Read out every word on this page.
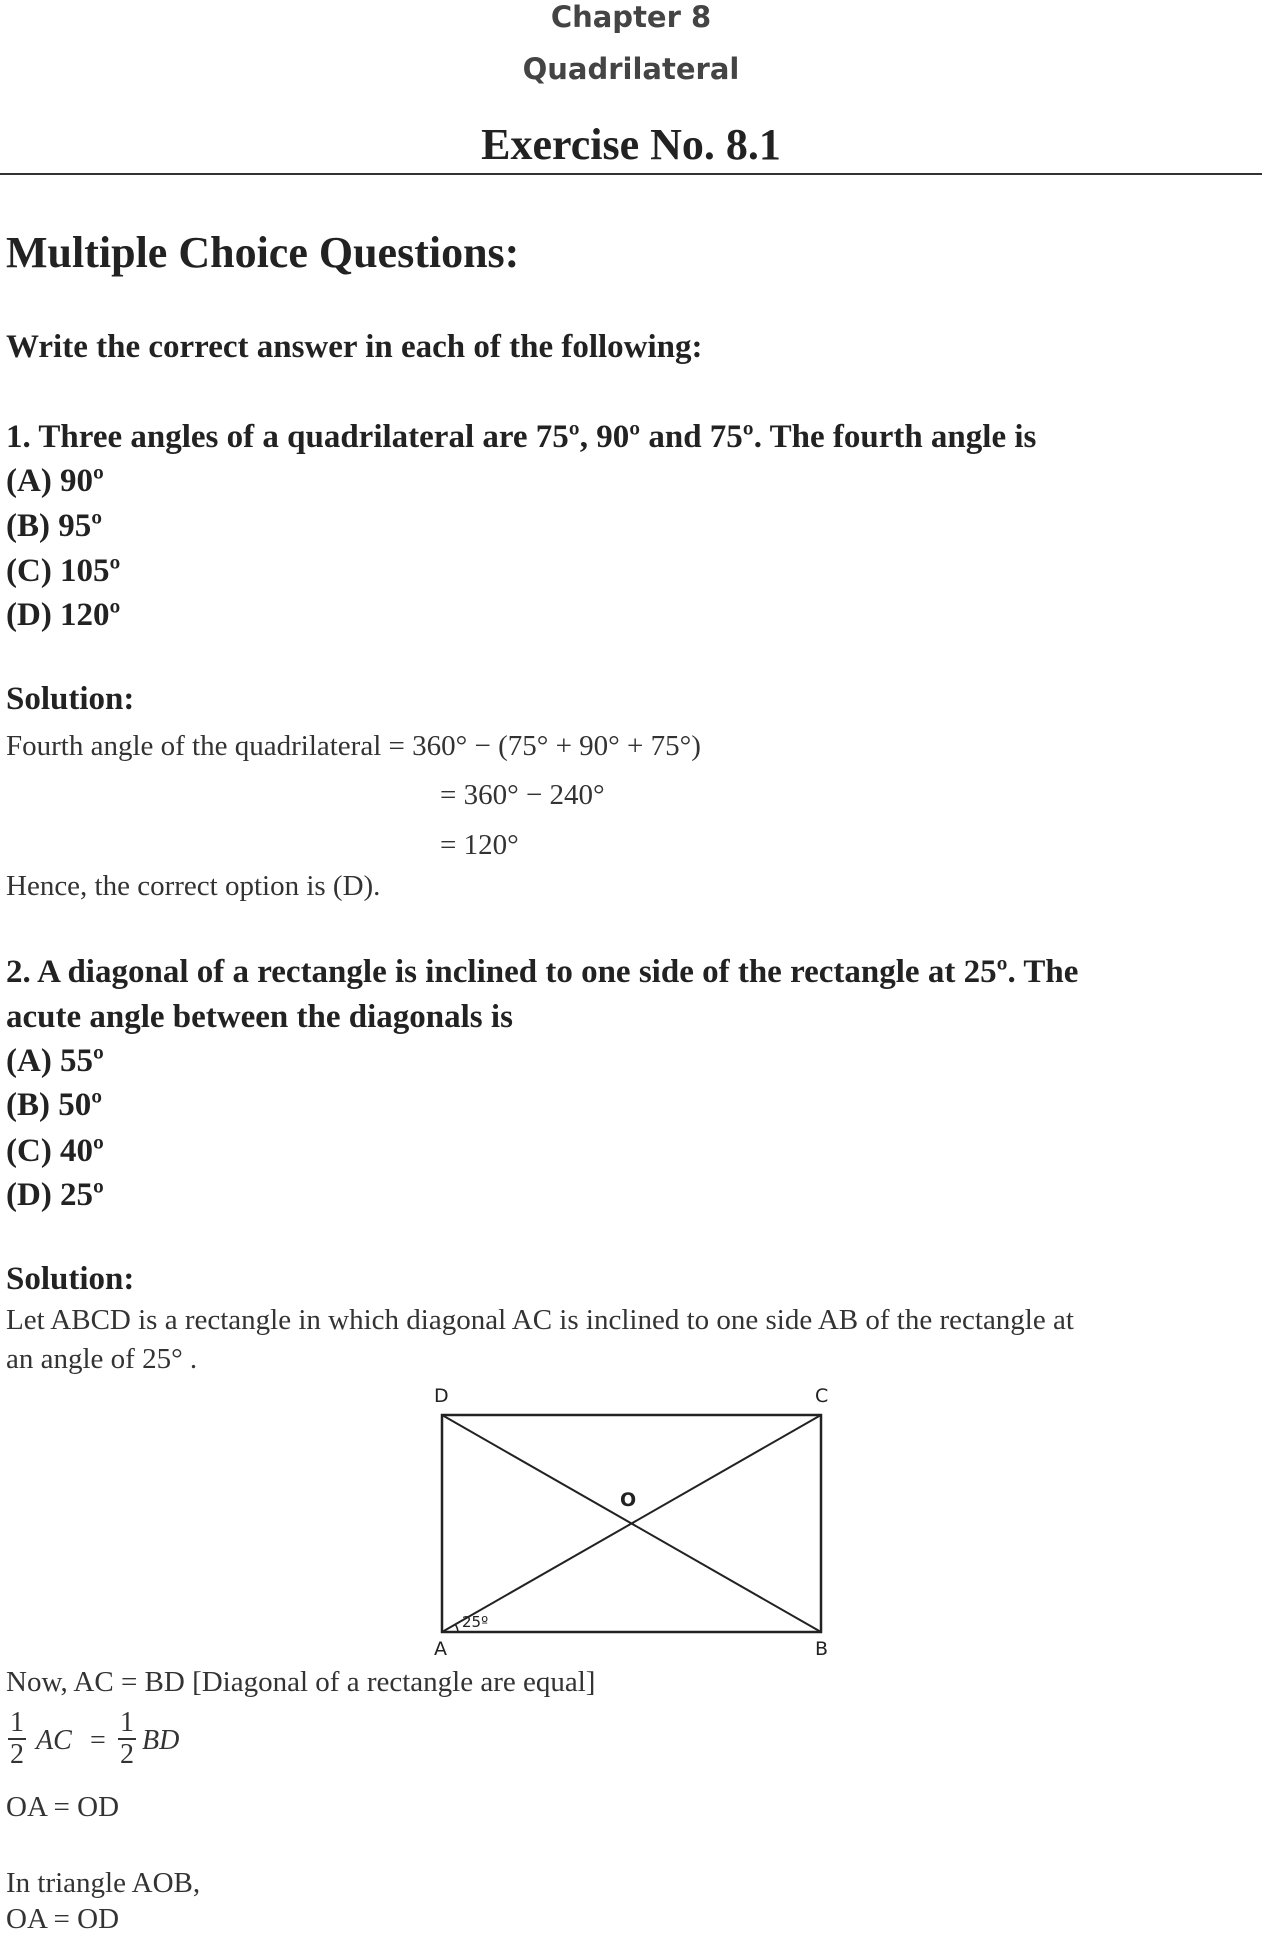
Chapter 8
Quadrilateral
Exercise No. 8.1
Multiple Choice Questions:
Write the correct answer in each of the following:
1. Three angles of a quadrilateral are 75º, 90º and 75º. The fourth angle is
(A) 90º
(B) 95º
(C) 105º
(D) 120º
Solution:
Fourth angle of the quadrilateral = 360° − (75° + 90° + 75°)
= 360° − 240°
= 120°
Hence, the correct option is (D).
2. A diagonal of a rectangle is inclined to one side of the rectangle at 25º. The
acute angle between the diagonals is
(A) 55º
(B) 50º
(C) 40º
(D) 25º
Solution:
Let ABCD is a rectangle in which diagonal AC is inclined to one side AB of the rectangle at
an angle of 25° .
D	C
O
A	B
25º
Now, AC = BD [Diagonal of a rectangle are equal]
1
2 AC =
1
2 BD
OA = OD
In triangle AOB,
OA = OD
